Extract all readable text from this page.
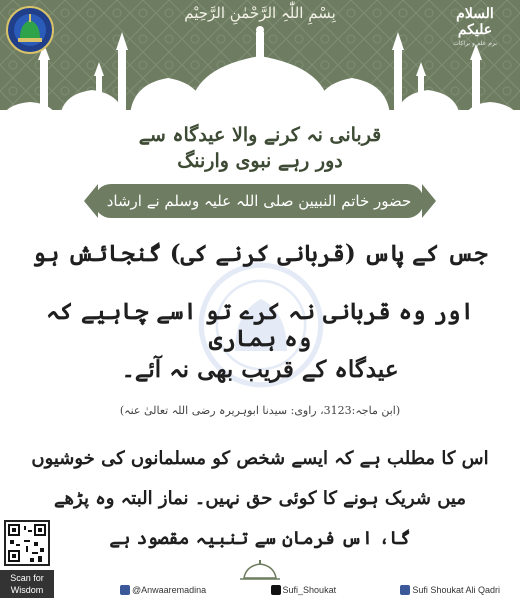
بِسْمِ اللّٰہِ الرَّحْمٰنِ الرَّحِیْم	السلام علیکم
بزم علم و براکات
قربانی نہ کرنے والا عیدگاہ سے
دور رہے نبوی وارننگ
حضور خاتم النبیین صلی اللہ علیہ وسلم نے ارشاد فرمایا
جس کے پاس (قربانی کرنے کی) گنجائش ہو
اور وہ قربانی نہ کرے تو اسے چاہیے کہ وہ ہماری
عیدگاہ کے قریب بھی نہ آئے۔
(ابن ماجہ:3123، راوی: سیدنا ابوہریرہ رضی اللہ تعالیٰ عنہ)
اس کا مطلب ہے کہ ایسے شخص کو مسلمانوں کی خوشیوں
میں شریک ہونے کا کوئی حق نہیں۔ نماز البتہ وہ پڑھے
گا، اس فرمان سے تنبیہ مقصود ہے
Scan for
Wisdom	@Anwaaremadina	Sufi_Shoukat	Sufi Shoukat Ali Qadri
